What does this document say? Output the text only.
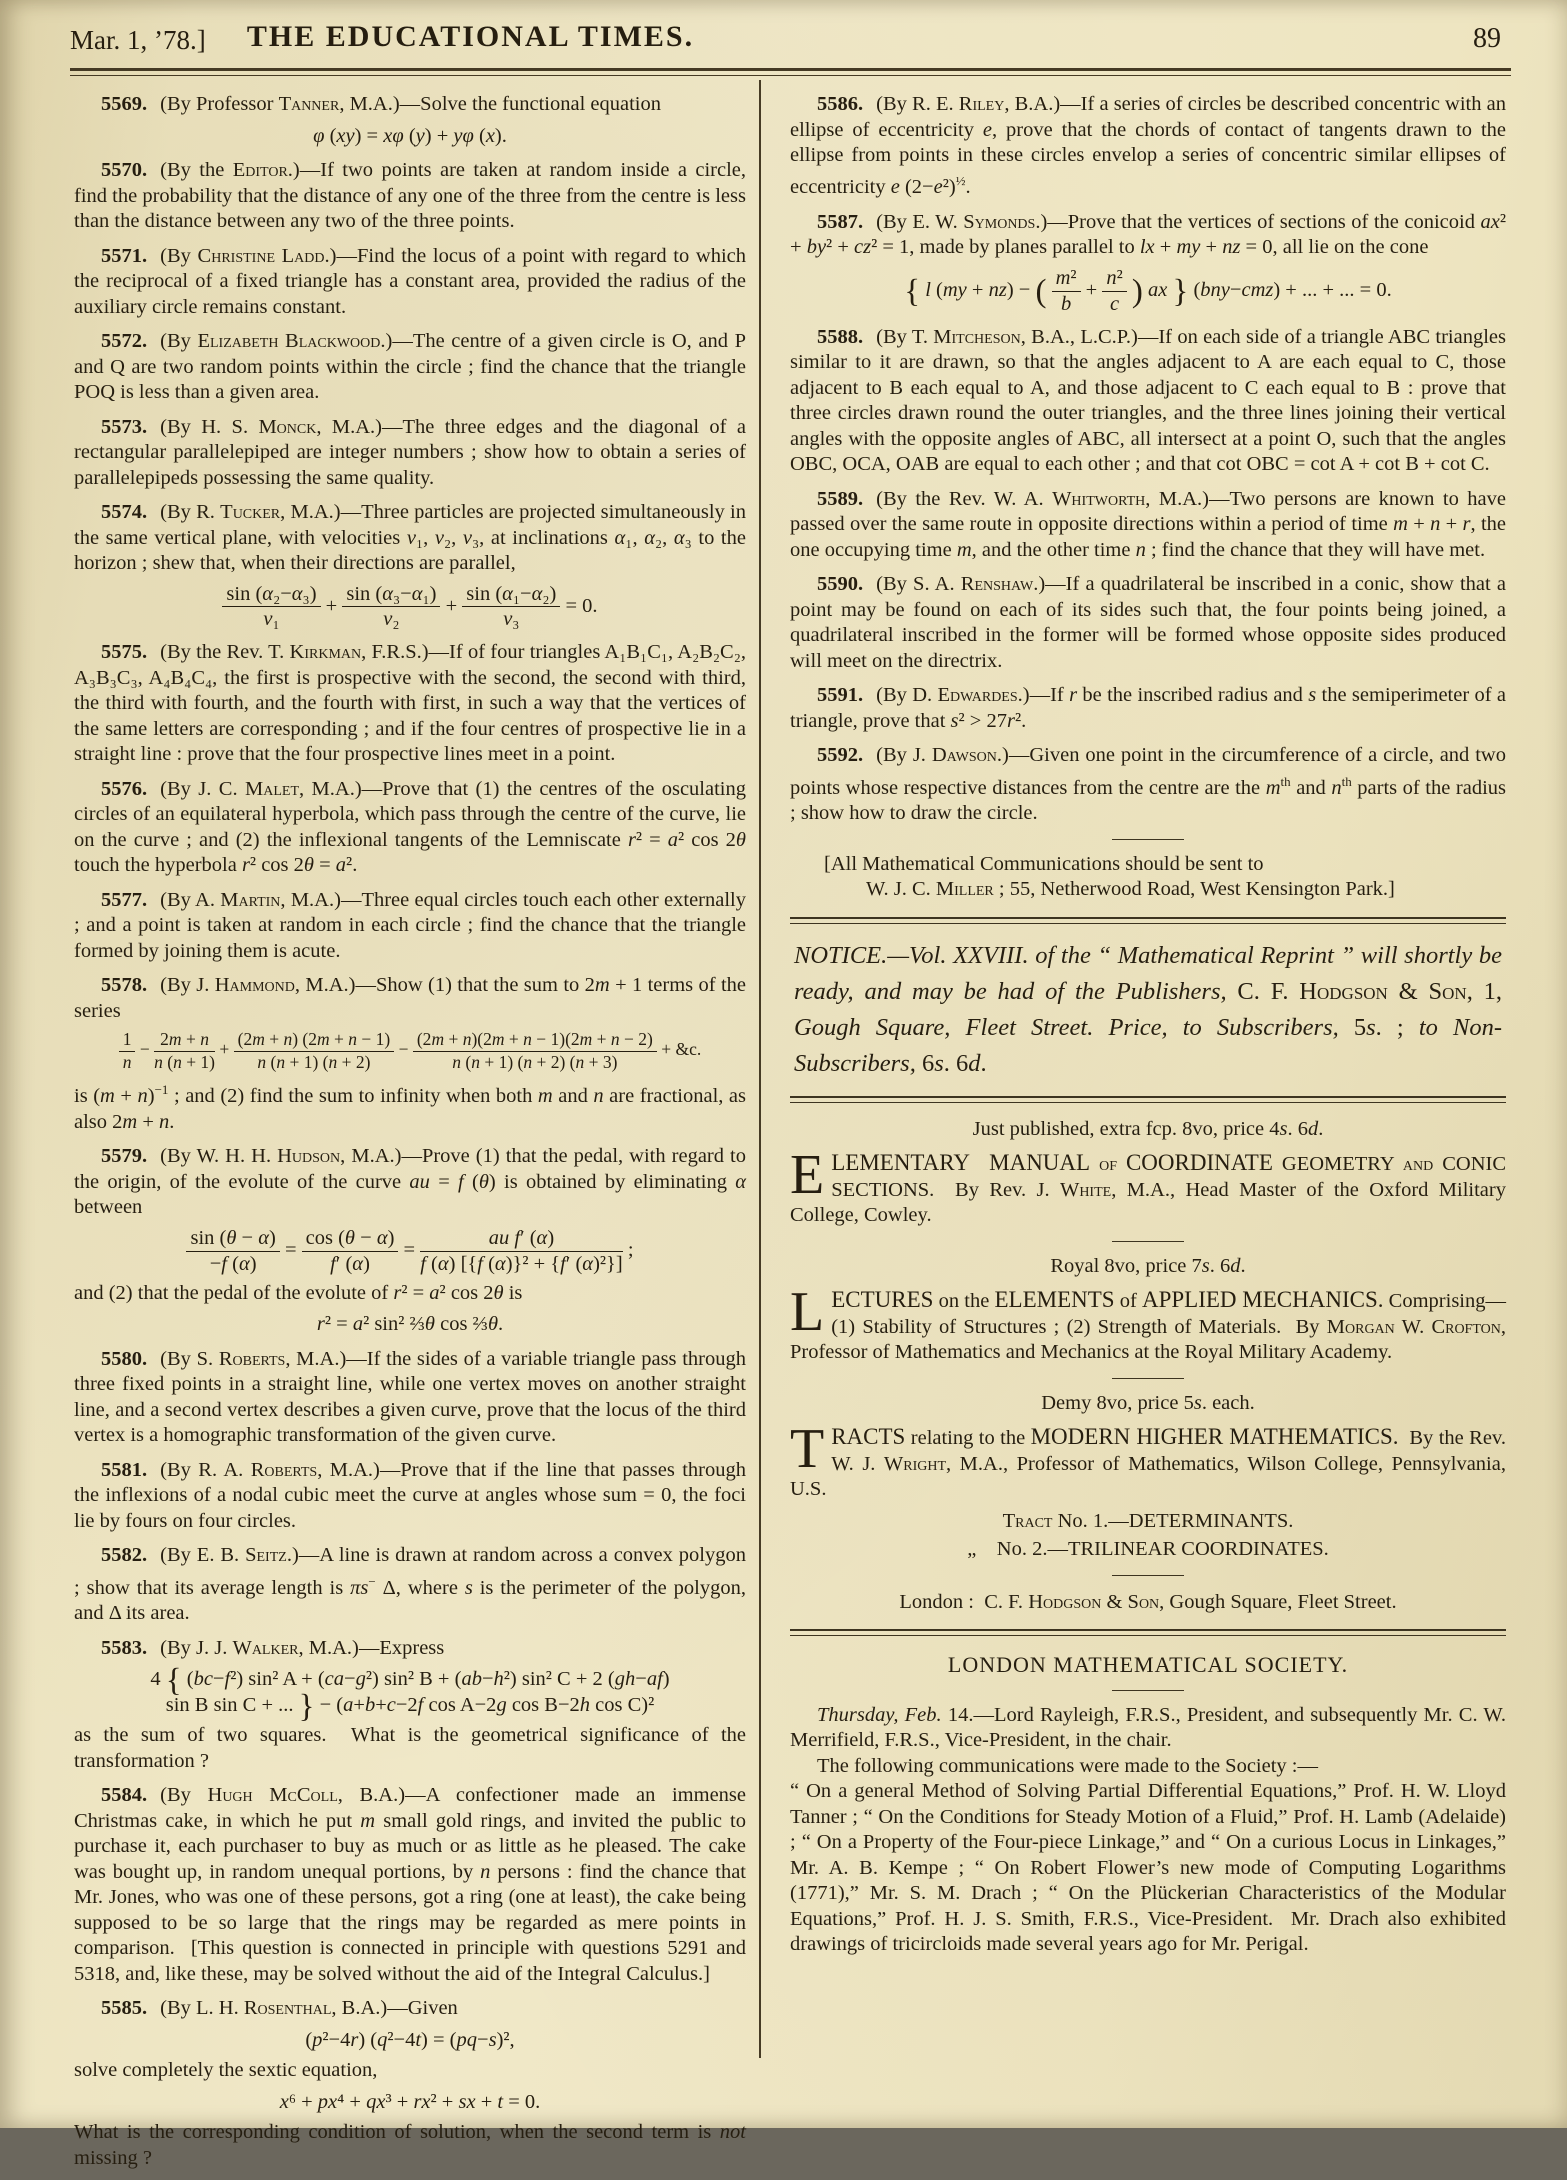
Mar. 1, ’78.]	THE EDUCATIONAL TIMES.	89

5569. (By Professor Tanner, M.A.)—Solve the functional equation
φ (xy) = xφ (y) + yφ (x).

5570. (By the Editor.)—If two points are taken at random inside a circle, find the probability that the distance of any one of the three from the centre is less than the distance between any two of the three points.

5571. (By Christine Ladd.)—Find the locus of a point with regard to which the reciprocal of a fixed triangle has a constant area, provided the radius of the auxiliary circle remains constant.

5572. (By Elizabeth Blackwood.)—The centre of a given circle is O, and P and Q are two random points within the circle ; find the chance that the triangle POQ is less than a given area.

5573. (By H. S. Monck, M.A.)—The three edges and the diagonal of a rectangular parallelepiped are integer numbers ; show how to obtain a series of parallelepipeds possessing the same quality.

5574. (By R. Tucker, M.A.)—Three particles are projected simultaneously in the same vertical plane, with velocities v₁, v₂, v₃, at inclinations α₁, α₂, α₃ to the horizon ; shew that, when their directions are parallel,
$\frac{\text{sin (α₂−α₃)}}{\text{v₁}} + \frac{\text{sin (α₃−α₁)}}{\text{v₂}} + \frac{\text{sin (α₁−α₂)}}{\text{v₃}} = 0$.

5575. (By the Rev. T. Kirkman, F.R.S.)—If of four triangles A₁B₁C₁, A₂B₂C₂, A₃B₃C₃, A₄B₄C₄, the first is prospective with the second, the second with third, the third with fourth, and the fourth with first, in such a way that the vertices of the same letters are corresponding ; and if the four centres of prospective lie in a straight line : prove that the four prospective lines meet in a point.

5576. (By J. C. Malet, M.A.)—Prove that (1) the centres of the osculating circles of an equilateral hyperbola, which pass through the centre of the curve, lie on the curve ; and (2) the inflexional tangents of the Lemniscate r² = a² cos 2θ touch the hyperbola r² cos 2θ = a².

5577. (By A. Martin, M.A.)—Three equal circles touch each other externally ; and a point is taken at random in each circle ; find the chance that the triangle formed by joining them is acute.

5578. (By J. Hammond, M.A.)—Show (1) that the sum to 2m + 1 terms of the series
$\frac{1}{n} - \frac{2m + n}{n (n + 1)} + \frac{(2m + n) (2m + n - 1)}{n (n + 1) (n + 2)} - \frac{(2m + n)(2m + n - 1)(2m + n - 2)}{n (n + 1) (n + 2) (n + 3)}$ + &c.
is $(m + n)^{-1}$ ; and (2) find the sum to infinity when both m and n are fractional, as also 2m + n.

5579. (By W. H. H. Hudson, M.A.)—Prove (1) that the pedal, with regard to the origin, of the evolute of the curve au = f (θ) is obtained by eliminating α between
$\frac{\sin (\theta - \alpha)}{-f (\alpha)} = \frac{\cos (\theta - \alpha)}{f' (\alpha)} = \frac{\text{au f′ (α)}}{\text{f (α) [\{f (α)\}² + \{f′ (α)²\}]}}$ ;
and (2) that the pedal of the evolute of r² = a² cos 2θ is
r² = a² sin² ⅔θ cos ⅔θ.

5580. (By S. Roberts, M.A.)—If the sides of a variable triangle pass through three fixed points in a straight line, while one vertex moves on another straight line, and a second vertex describes a given curve, prove that the locus of the third vertex is a homographic transformation of the given curve.

5581. (By R. A. Roberts, M.A.)—Prove that if the line that passes through the inflexions of a nodal cubic meet the curve at angles whose sum = 0, the foci lie by fours on four circles.

5582. (By E. B. Seitz.)—A line is drawn at random across a convex polygon ; show that its average length is πs− Δ, where s is the perimeter of the polygon, and Δ its area.

5583. (By J. J. Walker, M.A.)—Express
4 { (bc−f²) sin² A + (ca−g²) sin² B + (ab−h²) sin² C + 2 (gh−af)
sin B sin C + ... } − (a+b+c−2f cos A−2g cos B−2h cos C)²
as the sum of two squares.  What is the geometrical significance of the transformation ?

5584. (By Hugh McColl, B.A.)—A confectioner made an immense Christmas cake, in which he put m small gold rings, and invited the public to purchase it, each purchaser to buy as much or as little as he pleased. The cake was bought up, in random unequal portions, by n persons : find the chance that Mr. Jones, who was one of these persons, got a ring (one at least), the cake being supposed to be so large that the rings may be regarded as mere points in comparison.  [This question is connected in principle with questions 5291 and 5318, and, like these, may be solved without the aid of the Integral Calculus.]

5585. (By L. H. Rosenthal, B.A.)—Given
(p²−4r) (q²−4t) = (pq−s)²,
solve completely the sextic equation,
x⁶ + px⁴ + qx³ + rx² + sx + t = 0.
What is the corresponding condition of solution, when the second term is not missing ?

5586. (By R. E. Riley, B.A.)—If a series of circles be described concentric with an ellipse of eccentricity e, prove that the chords of contact of tangents drawn to the ellipse from points in these circles envelop a series of concentric similar ellipses of eccentricity e $(2-e^2)^{\frac{1}{2}}$.

5587. (By E. W. Symonds.)—Prove that the vertices of sections of the conicoid ax² + by² + cz² = 1, made by planes parallel to lx + my + nz = 0, all lie on the cone
{ l (my + nz) − ( $\frac{\text{m²}}{b} + \frac{\text{n²}}{c}$ ) ax } (bny−cmz) + ... + ... = 0.

5588. (By T. Mitcheson, B.A., L.C.P.)—If on each side of a triangle ABC triangles similar to it are drawn, so that the angles adjacent to A are each equal to C, those adjacent to B each equal to A, and those adjacent to C each equal to B : prove that three circles drawn round the outer triangles, and the three lines joining their vertical angles with the opposite angles of ABC, all intersect at a point O, such that the angles OBC, OCA, OAB are equal to each other ; and that cot OBC = cot A + cot B + cot C.

5589. (By the Rev. W. A. Whitworth, M.A.)—Two persons are known to have passed over the same route in opposite directions within a period of time m + n + r, the one occupying time m, and the other time n ; find the chance that they will have met.

5590. (By S. A. Renshaw.)—If a quadrilateral be inscribed in a conic, show that a point may be found on each of its sides such that, the four points being joined, a quadrilateral inscribed in the former will be formed whose opposite sides produced will meet on the directrix.

5591. (By D. Edwardes.)—If r be the inscribed radius and s the semiperimeter of a triangle, prove that s² > 27r².

5592. (By J. Dawson.)—Given one point in the circumference of a circle, and two points whose respective distances from the centre are the $m^{th}$ and $n^{th}$ parts of the radius ; show how to draw the circle.

[All Mathematical Communications should be sent to
W. J. C. Miller ; 55, Netherwood Road, West Kensington Park.]

NOTICE.—Vol. XXVIII. of the “ Mathematical Reprint ” will shortly be ready, and may be had of the Publishers, C. F. Hodgson & Son, 1, Gough Square, Fleet Street. Price, to Subscribers, 5s. ; to Non-Subscribers, 6s. 6d.

Just published, extra fcp. 8vo, price 4s. 6d.

ELEMENTARY  MANUAL of COORDINATE GEOMETRY and CONIC SECTIONS.  By Rev. J. White, M.A., Head Master of the Oxford Military College, Cowley.

Royal 8vo, price 7s. 6d.

LECTURES on the ELEMENTS of APPLIED MECHANICS. Comprising—(1) Stability of Structures ; (2) Strength of Materials.  By Morgan W. Crofton, Professor of Mathematics and Mechanics at the Royal Military Academy.

Demy 8vo, price 5s. each.

TRACTS relating to the MODERN HIGHER MATHEMATICS.  By the Rev. W. J. Wright, M.A., Professor of Mathematics, Wilson College, Pennsylvania, U.S.

Tract No. 1.—DETERMINANTS.

„ No. 2.—TRILINEAR COORDINATES.

London :  C. F. Hodgson & Son, Gough Square, Fleet Street.

LONDON MATHEMATICAL SOCIETY.

Thursday, Feb. 14.—Lord Rayleigh, F.R.S., President, and subsequently Mr. C. W. Merrifield, F.R.S., Vice-President, in the chair.

The following communications were made to the Society :—

“ On a general Method of Solving Partial Differential Equations,” Prof. H. W. Lloyd Tanner ; “ On the Conditions for Steady Motion of a Fluid,” Prof. H. Lamb (Adelaide) ; “ On a Property of the Four-piece Linkage,” and “ On a curious Locus in Linkages,” Mr. A. B. Kempe ; “ On Robert Flower’s new mode of Computing Logarithms (1771),” Mr. S. M. Drach ; “ On the Plückerian Characteristics of the Modular Equations,” Prof. H. J. S. Smith, F.R.S., Vice-President.  Mr. Drach also exhibited drawings of tricircloids made several years ago for Mr. Perigal.
